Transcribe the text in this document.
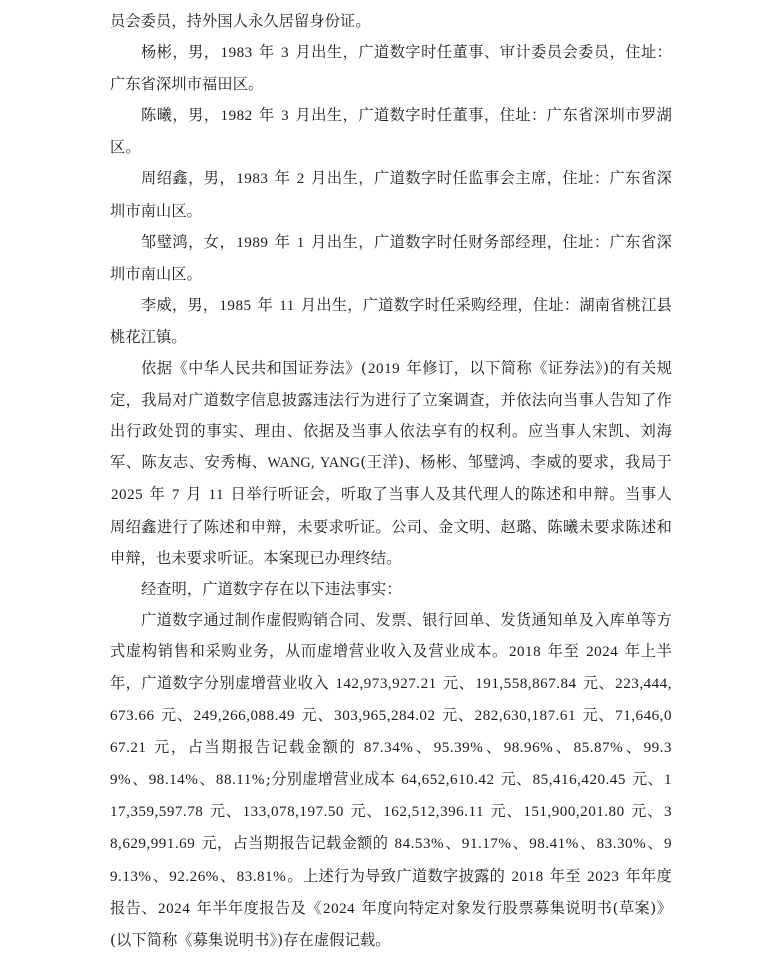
员会委员，持外国人永久居留身份证。

杨彬，男，1983 年 3 月出生，广道数字时任董事、审计委员会委员，住址：广东省深圳市福田区。

陈曦，男，1982 年 3 月出生，广道数字时任董事，住址：广东省深圳市罗湖区。

周绍鑫，男，1983 年 2 月出生，广道数字时任监事会主席，住址：广东省深圳市南山区。

邹璧鸿，女，1989 年 1 月出生，广道数字时任财务部经理，住址：广东省深圳市南山区。

李威，男，1985 年 11 月出生，广道数字时任采购经理，住址：湖南省桃江县桃花江镇。

依据《中华人民共和国证券法》(2019 年修订，以下简称《证券法》)的有关规定，我局对广道数字信息披露违法行为进行了立案调查，并依法向当事人告知了作出行政处罚的事实、理由、依据及当事人依法享有的权利。应当事人宋凯、刘海军、陈友志、安秀梅、WANG, YANG(王洋)、杨彬、邹璧鸿、李威的要求，我局于 2025 年 7 月 11 日举行听证会，听取了当事人及其代理人的陈述和申辩。当事人周绍鑫进行了陈述和申辩，未要求听证。公司、金文明、赵璐、陈曦未要求陈述和申辩，也未要求听证。本案现已办理终结。

经查明，广道数字存在以下违法事实：

广道数字通过制作虚假购销合同、发票、银行回单、发货通知单及入库单等方式虚构销售和采购业务，从而虚增营业收入及营业成本。2018 年至 2024 年上半年，广道数字分别虚增营业收入 142,973,927.21 元、191,558,867.84 元、223,444,673.66 元、249,266,088.49 元、303,965,284.02 元、282,630,187.61 元、71,646,067.21 元，占当期报告记载金额的 87.34%、95.39%、98.96%、85.87%、99.39%、98.14%、88.11%;分别虚增营业成本 64,652,610.42 元、85,416,420.45 元、117,359,597.78 元、133,078,197.50 元、162,512,396.11 元、151,900,201.80 元、38,629,991.69 元，占当期报告记载金额的 84.53%、91.17%、98.41%、83.30%、99.13%、92.26%、83.81%。上述行为导致广道数字披露的 2018 年至 2023 年年度报告、2024 年半年度报告及《2024 年度向特定对象发行股票募集说明书(草案)》(以下简称《募集说明书》)存在虚假记载。
